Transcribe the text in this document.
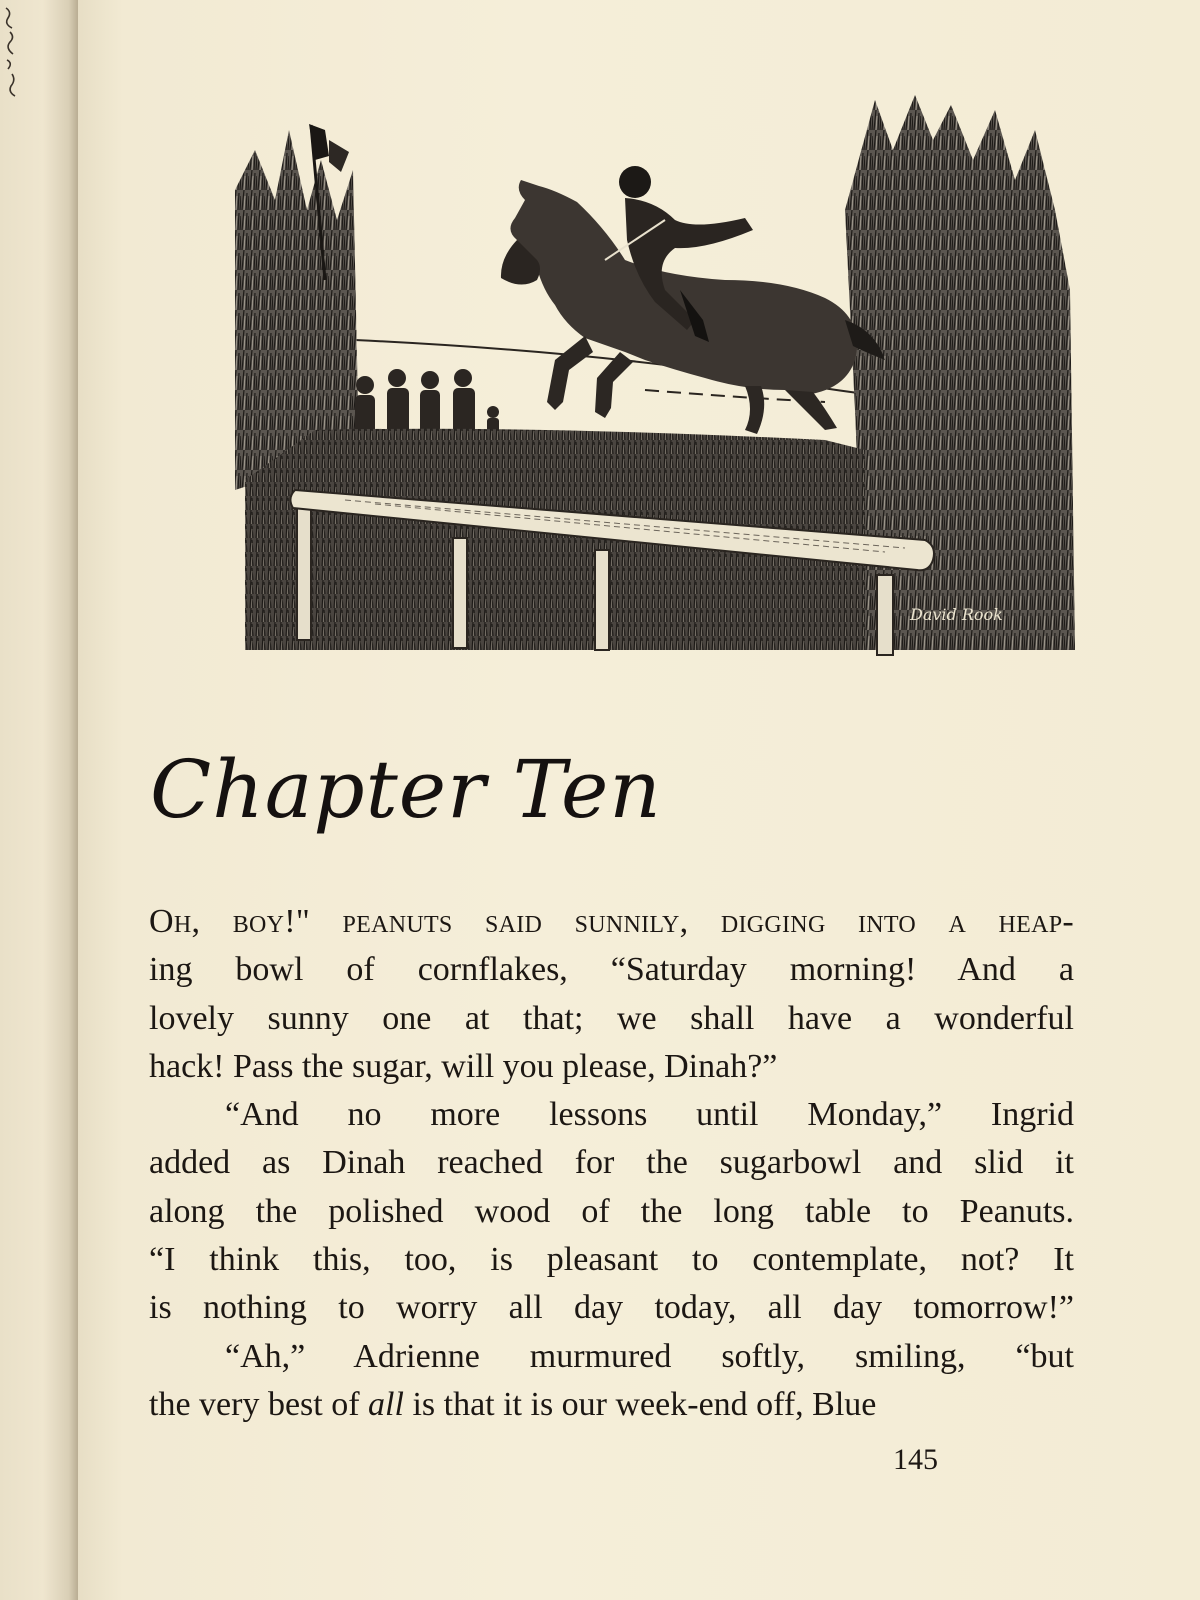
David Rook
Chapter Ten
Oh, boy!" peanuts said sunnily, digging into a heap-
ing bowl of cornflakes, “Saturday morning! And a
lovely sunny one at that; we shall have a wonderful
hack! Pass the sugar, will you please, Dinah?”
“And no more lessons until Monday,” Ingrid
added as Dinah reached for the sugarbowl and slid it
along the polished wood of the long table to Peanuts.
“I think this, too, is pleasant to contemplate, not? It
is nothing to worry all day today, all day tomorrow!”
“Ah,” Adrienne murmured softly, smiling, “but
the very best of all is that it is our week-end off, Blue
145
